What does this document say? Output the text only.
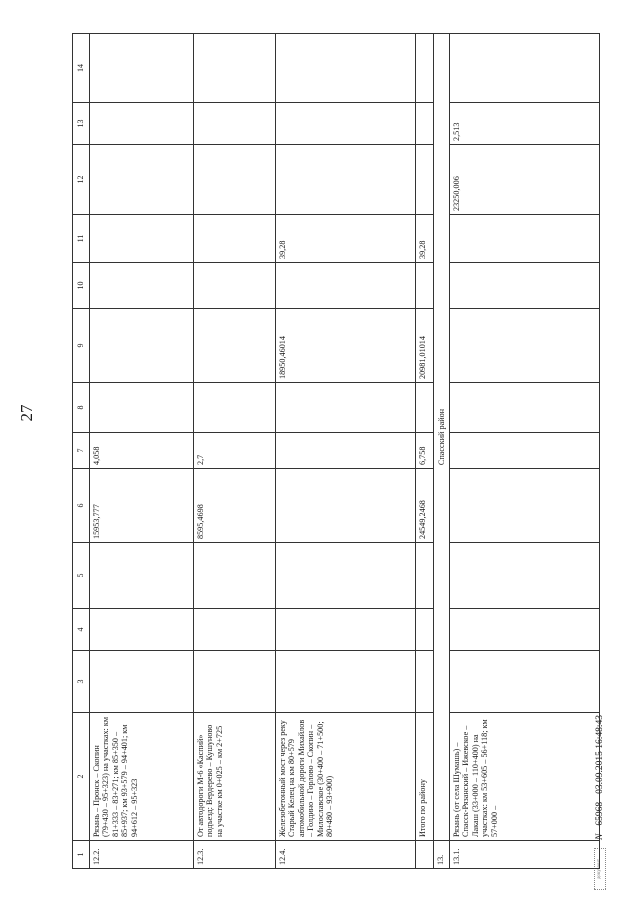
27
документ
N
65968
03.09.2015 16:48:43
1	2	3	4	5	6	7	8	9	10	11	12	13	14
12.2.	Рязань – Пронск – Скопин (79+430 – 95+323) на участках: км 81+333 – 83+271; км 85+350 – 85+937; км 93+579 – 94+401; км 94+612 – 95+323				15953,777	4,058							
12.3.	От автодороги М-6 «Каспий» подъезд: Вердерево – Кушуново на участке км 0+025 – км 2+725				8595,4698	2,7							
12.4.	Железобетонный мост через реку Старый Келец на км 80+579 автомобильной дороги Михайлов – Голдино – Горлово – Скопин – Милославское (30+400 – 71+500; 80+480 – 93+900)							18950,46014		39,28			
	Итого по району				24549,2468	6,758		20981,01014		39,28			
13.	Спасский район												
13.1.	Рязань (от села Шумашь) – Спасск-Рязанский – Ижевское – Лакаш (33+000 – 110+400) на участках: км 53+605 – 56+118; км 57+000 –										23250,006	2,513	
